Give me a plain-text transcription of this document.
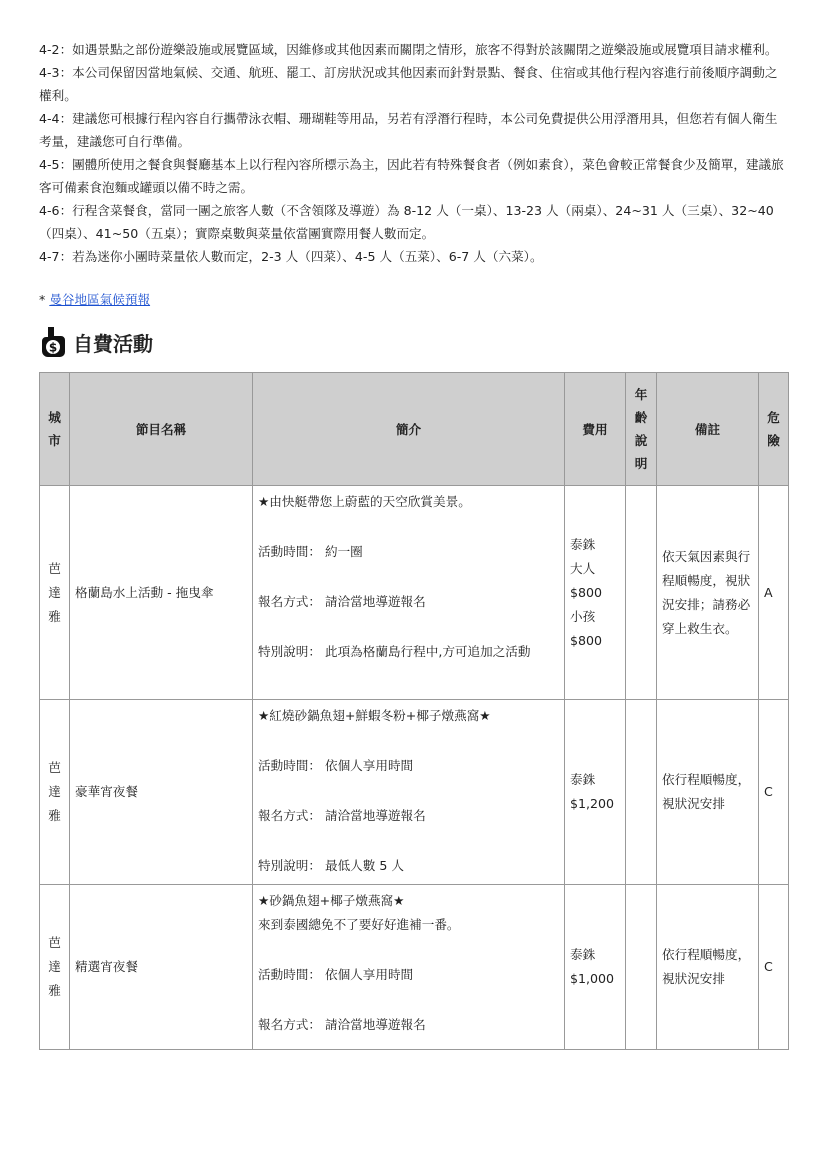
4-2：如遇景點之部份遊樂設施或展覽區域，因維修或其他因素而關閉之情形，旅客不得對於該關閉之遊樂設施或展覽項目請求權利。

4-3：本公司保留因當地氣候、交通、航班、罷工、訂房狀況或其他因素而針對景點、餐食、住宿或其他行程內容進行前後順序調動之權利。

4-4：建議您可根據行程內容自行攜帶泳衣帽、珊瑚鞋等用品，另若有浮潛行程時，本公司免費提供公用浮潛用具，但您若有個人衛生考量，建議您可自行準備。

4-5：團體所使用之餐食與餐廳基本上以行程內容所標示為主，因此若有特殊餐食者（例如素食），菜色會較正常餐食少及簡單，建議旅客可備素食泡麵或罐頭以備不時之需。

4-6：行程含菜餐食，當同一團之旅客人數（不含領隊及導遊）為 8-12 人（一桌）、13-23 人（兩桌）、24~31 人（三桌）、32~40（四桌）、41~50（五桌）；實際桌數與菜量依當團實際用餐人數而定。

4-7：若為迷你小團時菜量依人數而定，2-3 人（四菜）、4-5 人（五菜）、6-7 人（六菜）。

* 曼谷地區氣候預報
$ 自費活動
城市	節目名稱	簡介	費用	年齡說明	備註	危險
芭達雅	格蘭島水上活動 - 拖曳傘	★由快艇帶您上蔚藍的天空欣賞美景。
活動時間： 約一圈
報名方式： 請洽當地導遊報名
特別說明： 此項為格蘭島行程中,方可追加之活動	泰銖
大人
$800
小孩
$800		依天氣因素與行程順暢度，視狀況安排；請務必穿上救生衣。	A
芭達雅	豪華宵夜餐	★紅燒砂鍋魚翅+鮮蝦冬粉+椰子燉燕窩★
活動時間： 依個人享用時間
報名方式： 請洽當地導遊報名
特別說明： 最低人數 5 人	泰銖
$1,200		依行程順暢度，視狀況安排	C
芭達雅	精選宵夜餐	★砂鍋魚翅+椰子燉燕窩★
來到泰國總免不了要好好進補一番。
活動時間： 依個人享用時間
報名方式： 請洽當地導遊報名	泰銖
$1,000		依行程順暢度，視狀況安排	C
